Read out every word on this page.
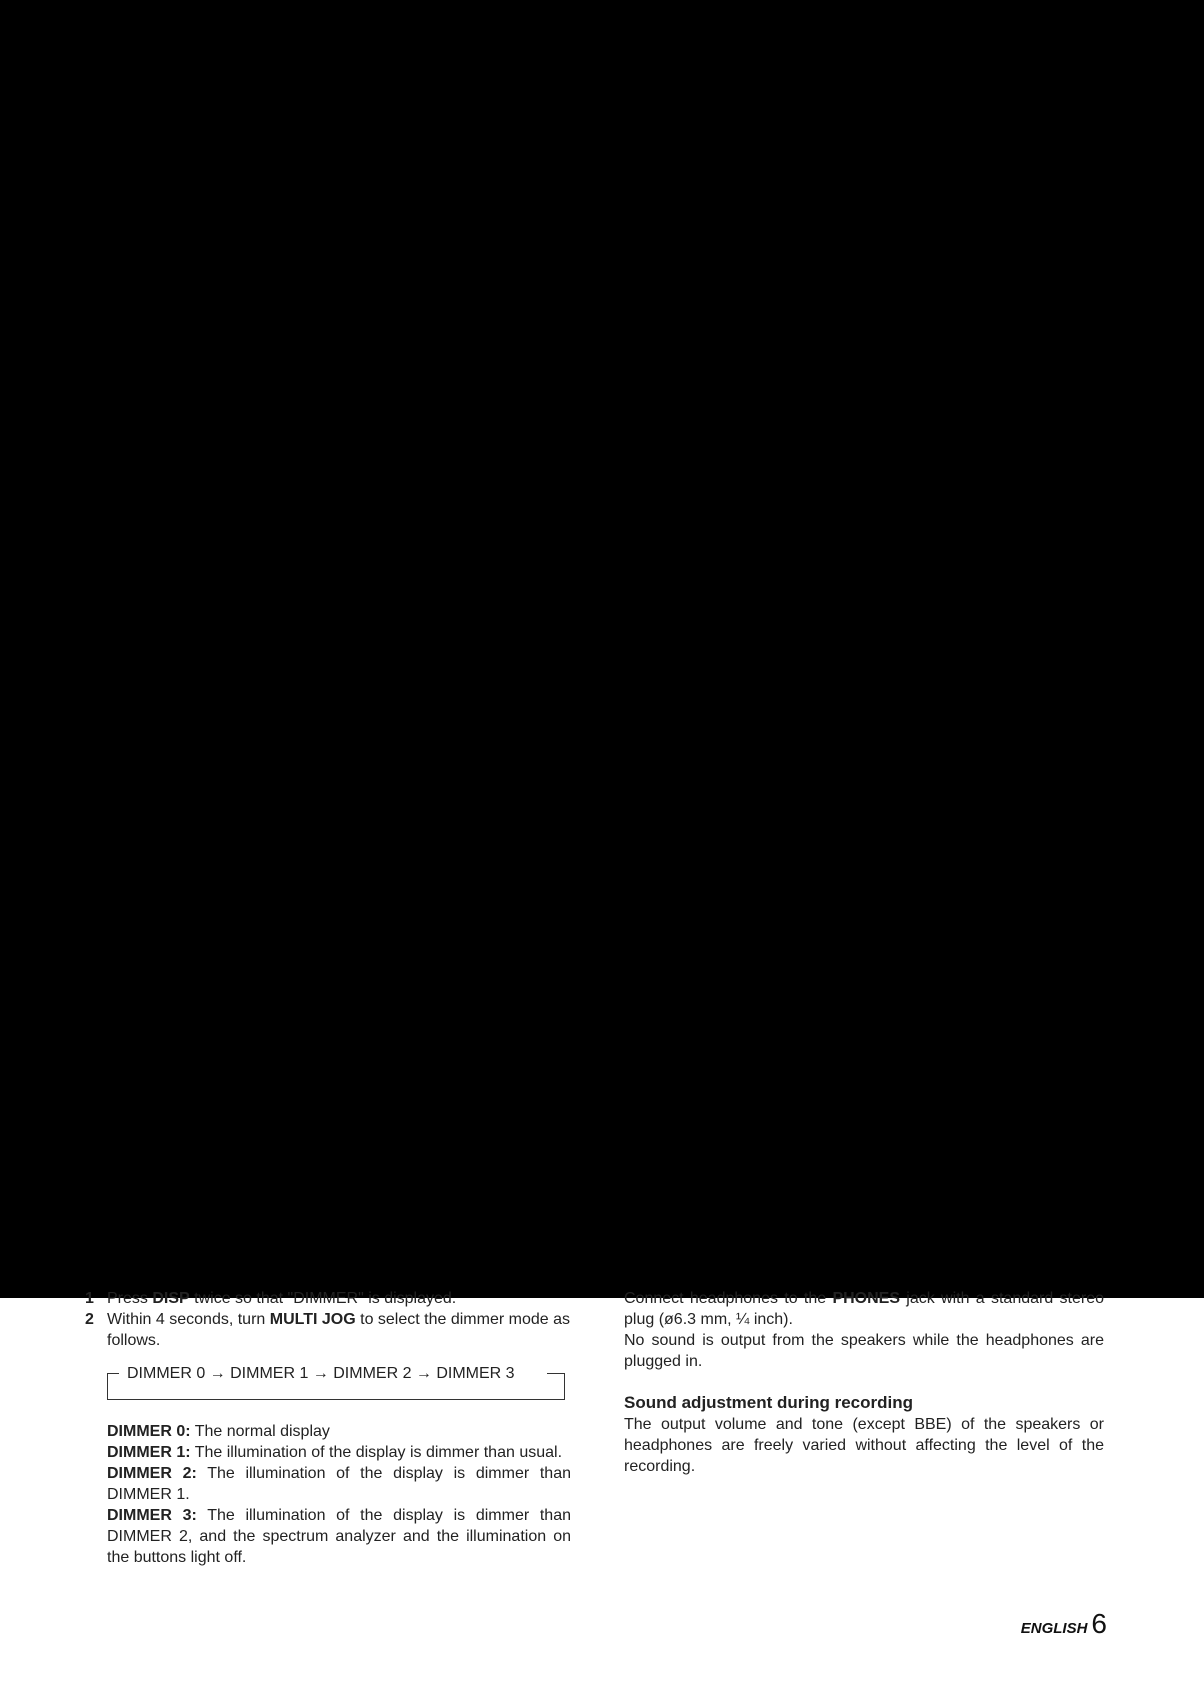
1 Press DISP twice so that "DIMMER" is displayed.

2 Within 4 seconds, turn MULTI JOG to select the dimmer mode as follows.

DIMMER 0 → DIMMER 1 → DIMMER 2 → DIMMER 3

DIMMER 0: The normal display

DIMMER 1: The illumination of the display is dimmer than usual.

DIMMER 2: The illumination of the display is dimmer than DIMMER 1.

DIMMER 3: The illumination of the display is dimmer than DIMMER 2, and the spectrum analyzer and the illumination on the buttons light off.

Connect headphones to the PHONES jack with a standard stereo plug (ø6.3 mm, ¼ inch).

No sound is output from the speakers while the headphones are plugged in.

Sound adjustment during recording

The output volume and tone (except BBE) of the speakers or headphones are freely varied without affecting the level of the recording.

ENGLISH 6
